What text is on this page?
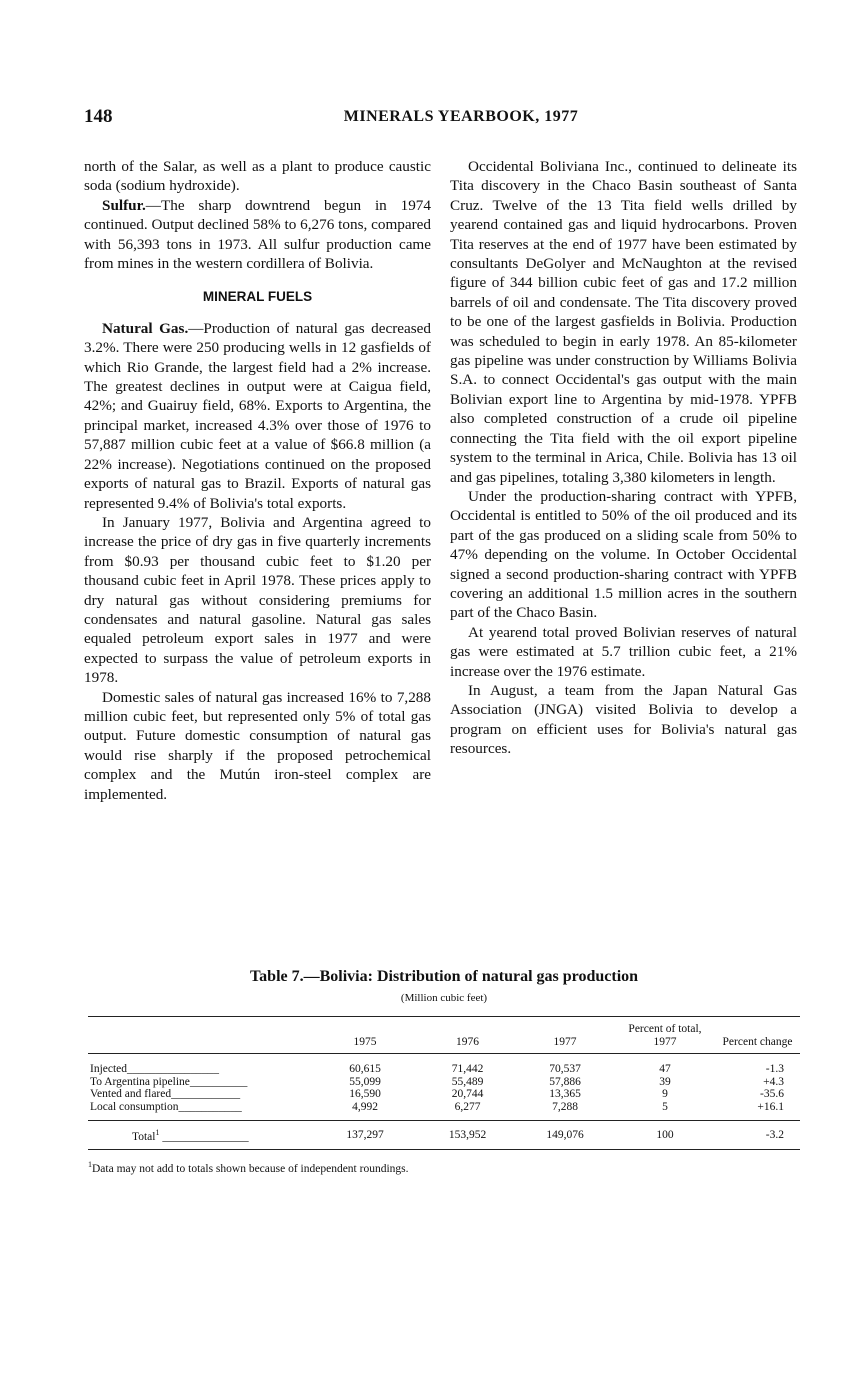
148	MINERALS YEARBOOK, 1977

north of the Salar, as well as a plant to produce caustic soda (sodium hydroxide).

Sulfur.—The sharp downtrend begun in 1974 continued. Output declined 58% to 6,276 tons, compared with 56,393 tons in 1973. All sulfur production came from mines in the western cordillera of Bolivia.

MINERAL FUELS

Natural Gas.—Production of natural gas decreased 3.2%. There were 250 producing wells in 12 gasfields of which Rio Grande, the largest field had a 2% increase. The greatest declines in output were at Caigua field, 42%; and Guairuy field, 68%. Exports to Argentina, the principal market, increased 4.3% over those of 1976 to 57,887 million cubic feet at a value of $66.8 million (a 22% increase). Negotiations continued on the proposed exports of natural gas to Brazil. Exports of natural gas represented 9.4% of Bolivia's total exports.

In January 1977, Bolivia and Argentina agreed to increase the price of dry gas in five quarterly increments from $0.93 per thousand cubic feet to $1.20 per thousand cubic feet in April 1978. These prices apply to dry natural gas without considering premiums for condensates and natural gasoline. Natural gas sales equaled petroleum export sales in 1977 and were expected to surpass the value of petroleum exports in 1978.

Domestic sales of natural gas increased 16% to 7,288 million cubic feet, but represented only 5% of total gas output. Future domestic consumption of natural gas would rise sharply if the proposed petrochemical complex and the Mutún iron-steel complex are implemented.

Occidental Boliviana Inc., continued to delineate its Tita discovery in the Chaco Basin southeast of Santa Cruz. Twelve of the 13 Tita field wells drilled by yearend contained gas and liquid hydrocarbons. Proven Tita reserves at the end of 1977 have been estimated by consultants DeGolyer and McNaughton at the revised figure of 344 billion cubic feet of gas and 17.2 million barrels of oil and condensate. The Tita discovery proved to be one of the largest gasfields in Bolivia. Production was scheduled to begin in early 1978. An 85-kilometer gas pipeline was under construction by Williams Bolivia S.A. to connect Occidental's gas output with the main Bolivian export line to Argentina by mid-1978. YPFB also completed construction of a crude oil pipeline connecting the Tita field with the oil export pipeline system to the terminal in Arica, Chile. Bolivia has 13 oil and gas pipelines, totaling 3,380 kilometers in length.

Under the production-sharing contract with YPFB, Occidental is entitled to 50% of the oil produced and its part of the gas produced on a sliding scale from 50% to 47% depending on the volume. In October Occidental signed a second production-sharing contract with YPFB covering an additional 1.5 million acres in the southern part of the Chaco Basin.

At yearend total proved Bolivian reserves of natural gas were estimated at 5.7 trillion cubic feet, a 21% increase over the 1976 estimate.

In August, a team from the Japan Natural Gas Association (JNGA) visited Bolivia to develop a program on efficient uses for Bolivia's natural gas resources.

Table 7.—Bolivia: Distribution of natural gas production
(Million cubic feet)
	1975	1976	1977	Percent of total, 1977	Percent change
Injected________________	60,615	71,442	70,537	47	-1.3
To Argentina pipeline__________	55,099	55,489	57,886	39	+4.3
Vented and flared____________	16,590	20,744	13,365	9	-35.6
Local consumption___________	4,992	6,277	7,288	5	+16.1
Total$^1$ _______________	137,297	153,952	149,076	100	-3.2
$^1$Data may not add to totals shown because of independent roundings.
